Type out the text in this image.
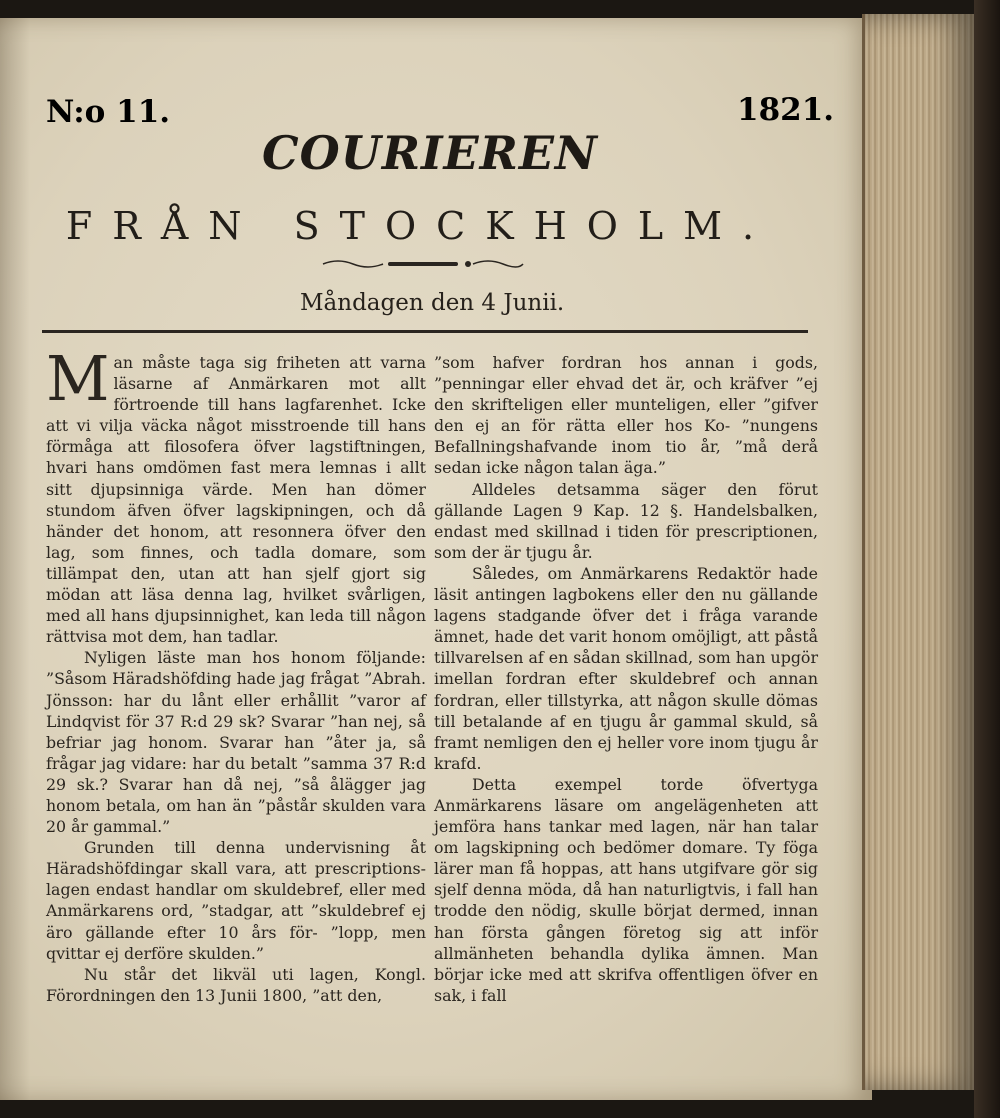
N:o 11.	1821.
COURIEREN
FRÅN STOCKHOLM.
Måndagen den 4 Junii.

Man måste taga sig friheten att varna läsarne af Anmärkaren mot allt förtroende till hans lagfarenhet. Icke att vi vilja väcka något misstroende till hans förmåga att filosofera öfver lagstiftningen, hvari hans omdömen fast mera lemnas i allt sitt djupsinniga värde. Men han dömer stundom äfven öfver lagskipningen, och då händer det honom, att resonnera öfver den lag, som finnes, och tadla domare, som tillämpat den, utan att han sjelf gjort sig mödan att läsa denna lag, hvilket svårligen, med all hans djupsinnighet, kan leda till någon rättvisa mot dem, han tadlar.

Nyligen läste man hos honom följande: ”Såsom Häradshöfding hade jag frågat ”Abrah. Jönsson: har du lånt eller erhållit ”varor af Lindqvist för 37 R:d 29 sk? Svarar ”han nej, så befriar jag honom. Svarar han ”åter ja, så frågar jag vidare: har du betalt ”samma 37 R:d 29 sk.? Svarar han då nej, ”så ålägger jag honom betala, om han än ”påstår skulden vara 20 år gammal.”

Grunden till denna undervisning åt Häradshöfdingar skall vara, att prescriptions-lagen endast handlar om skuldebref, eller med Anmärkarens ord, ”stadgar, att ”skuldebref ej äro gällande efter 10 års för- ”lopp, men qvittar ej derföre skulden.”

Nu står det likväl uti lagen, Kongl. Förordningen den 13 Junii 1800, ”att den,

”som hafver fordran hos annan i gods, ”penningar eller ehvad det är, och kräfver ”ej den skrifteligen eller munteligen, eller ”gifver den ej an för rätta eller hos Ko- ”nungens Befallningshafvande inom tio år, ”må derå sedan icke någon talan äga.”

Alldeles detsamma säger den förut gällande Lagen 9 Kap. 12 §. Handelsbalken, endast med skillnad i tiden för prescriptionen, som der är tjugu år.

Således, om Anmärkarens Redaktör hade läsit antingen lagbokens eller den nu gällande lagens stadgande öfver det i fråga varande ämnet, hade det varit honom omöjligt, att påstå tillvarelsen af en sådan skillnad, som han upgör imellan fordran efter skuldebref och annan fordran, eller tillstyrka, att någon skulle dömas till betalande af en tjugu år gammal skuld, så framt nemligen den ej heller vore inom tjugu år krafd.

Detta exempel torde öfvertyga Anmärkarens läsare om angelägenheten att jemföra hans tankar med lagen, när han talar om lagskipning och bedömer domare. Ty föga lärer man få hoppas, att hans utgifvare gör sig sjelf denna möda, då han naturligtvis, i fall han trodde den nödig, skulle börjat dermed, innan han första gången företog sig att inför allmänheten behandla dylika ämnen. Man börjar icke med att skrifva offentligen öfver en sak, i fall
